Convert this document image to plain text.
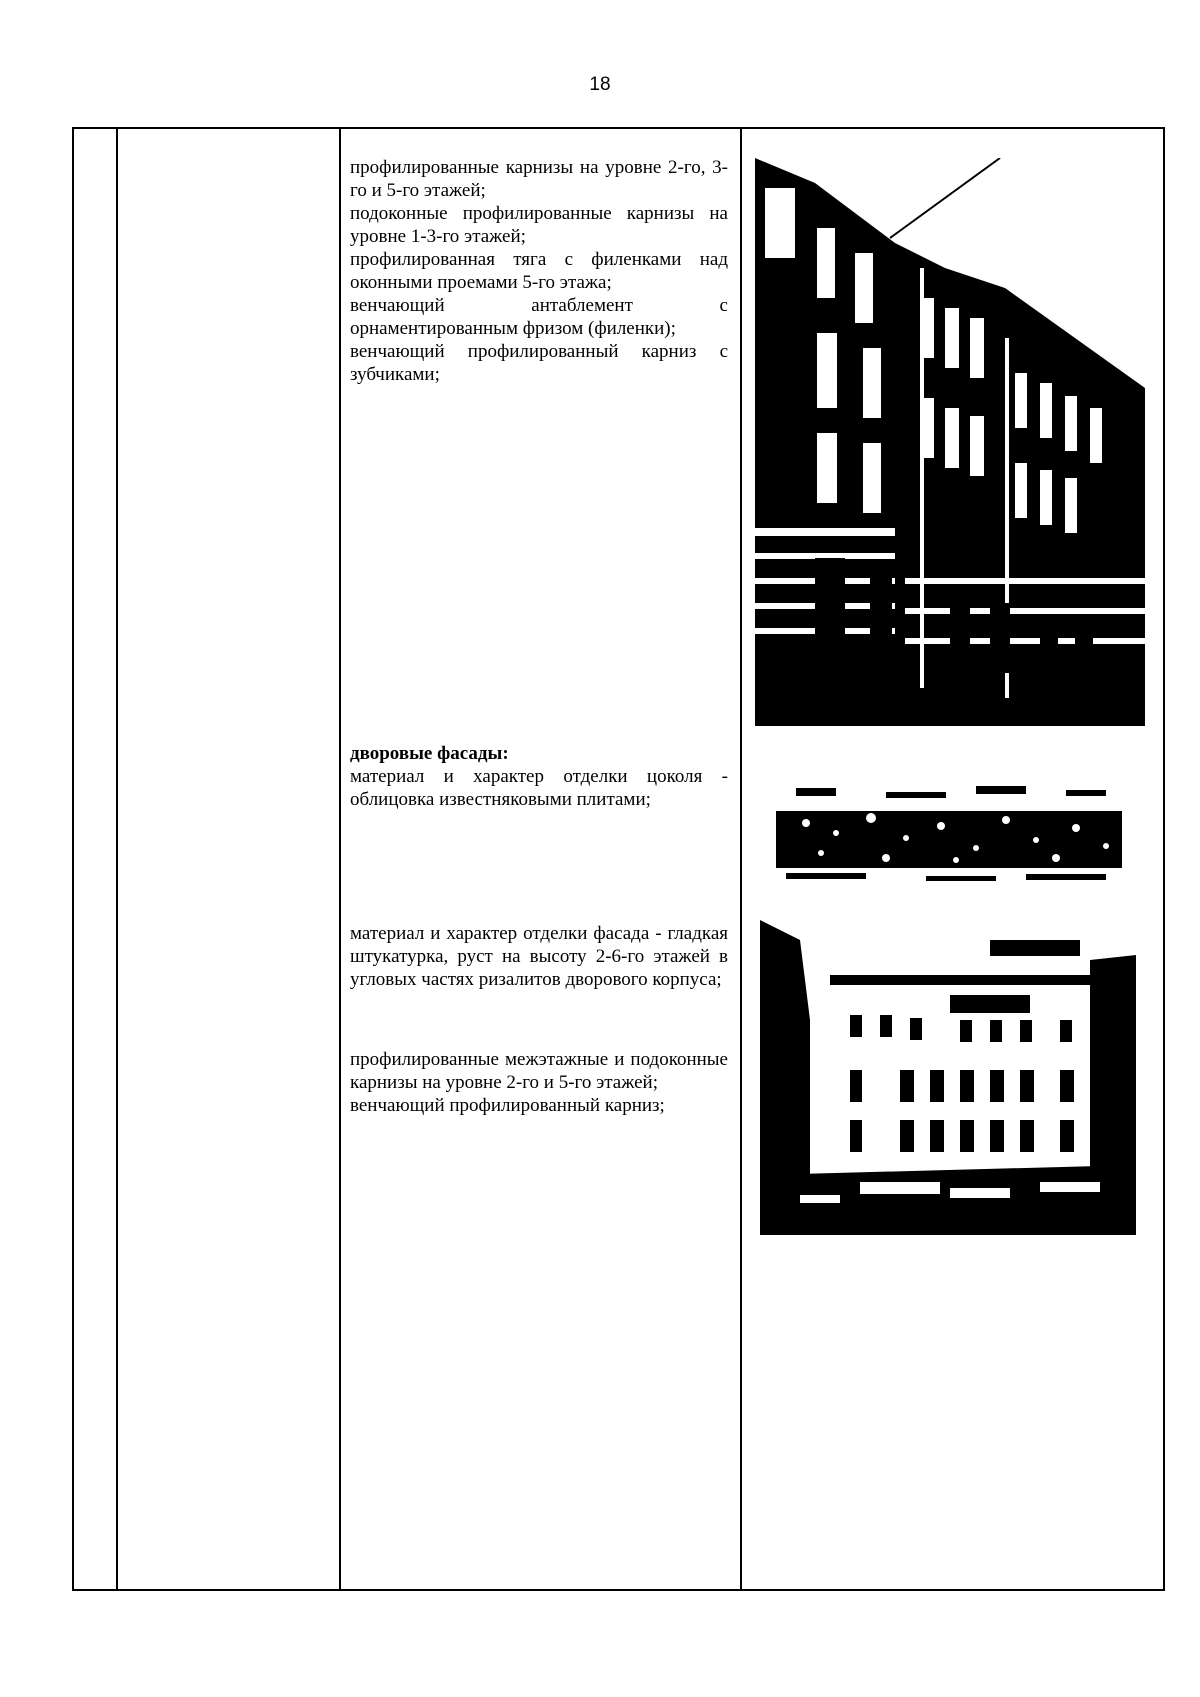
18

профилированные карнизы на уровне 2-го, 3-го и 5-го этажей;

подоконные профилированные карнизы на уровне 1-3-го этажей;

профилированная тяга с филенками над оконными проемами 5-го этажа;

венчающий антаблемент с орнаментированным фризом (филенки);

венчающий профилированный карниз с зубчиками;

дворовые фасады:

материал и характер отделки цоколя - облицовка известняковыми плитами;

материал и характер отделки фасада - гладкая штукатурка, руст на высоту 2-6-го этажей в угловых частях ризалитов дворового корпуса;

профилированные межэтажные и подоконные карнизы на уровне 2-го и 5-го этажей;

венчающий профилированный карниз;
